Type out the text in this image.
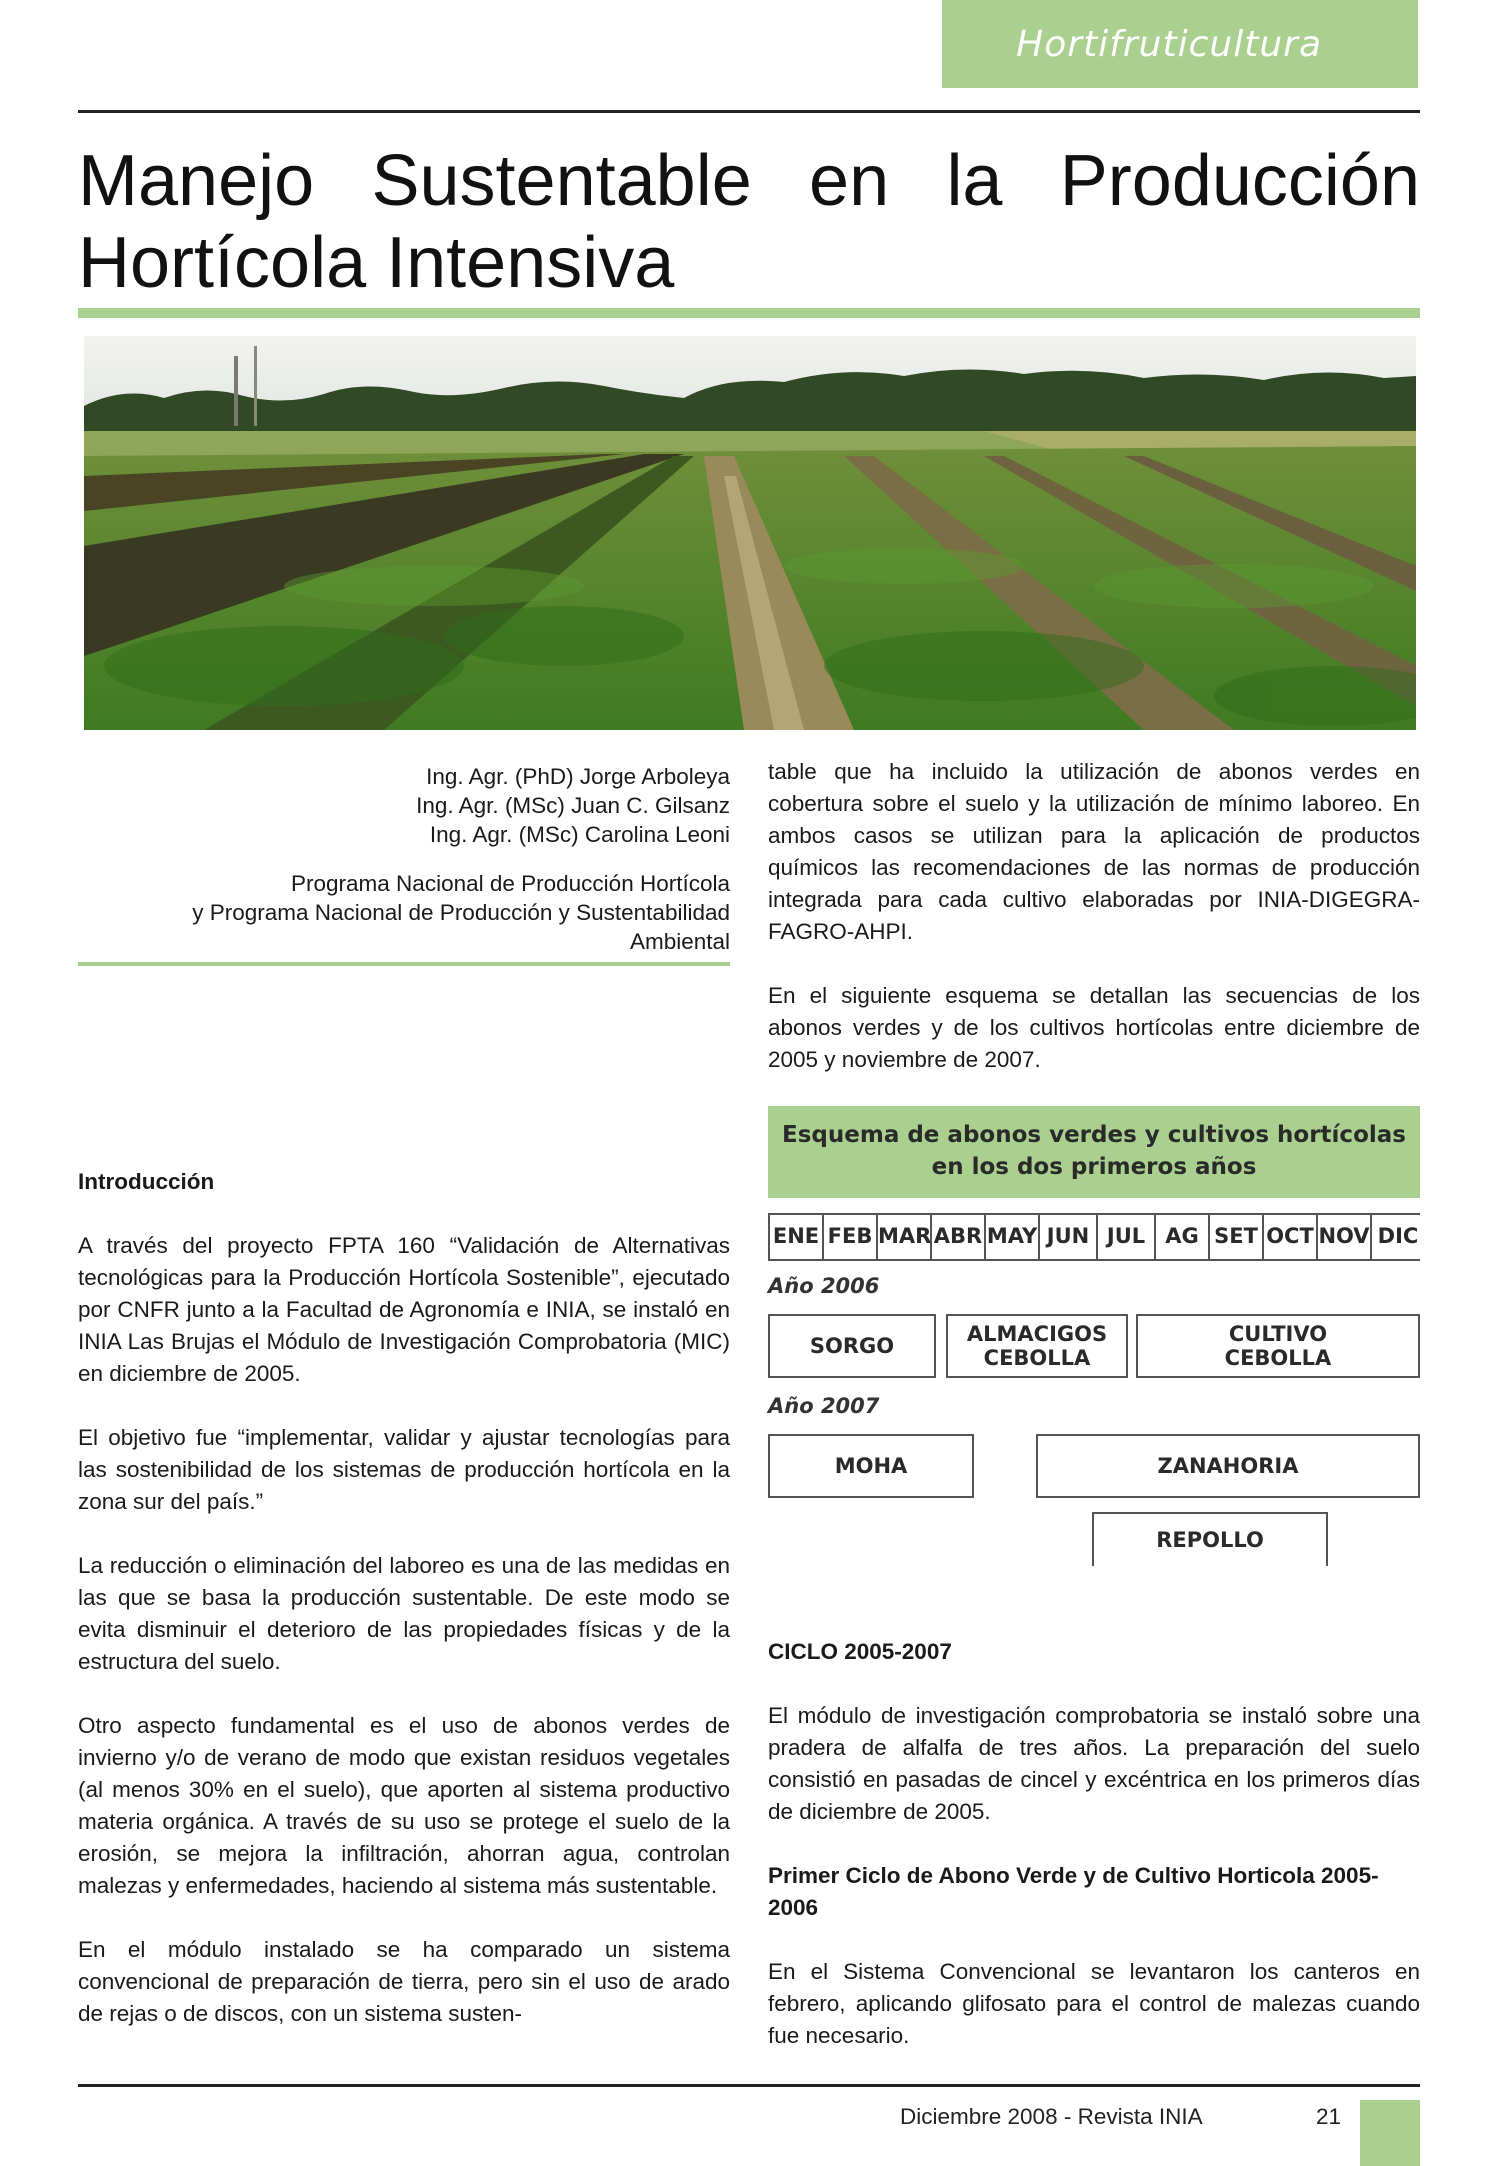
Hortifruticultura
Manejo Sustentable en la Producción
Hortícola Intensiva

Ing. Agr. (PhD) Jorge Arboleya

Ing. Agr. (MSc) Juan C. Gilsanz

Ing. Agr. (MSc) Carolina Leoni

Programa Nacional de Producción Hortícola

y Programa Nacional de Producción y Sustentabilidad

Ambiental

table que ha incluido la utilización de abonos verdes en cobertura sobre el suelo y la utilización de mínimo laboreo. En ambos casos se utilizan para la aplicación de productos químicos las recomendaciones de las normas de producción integrada para cada cultivo elaboradas por INIA-DIGEGRA-FAGRO-AHPI.

En el siguiente esquema se detallan las secuencias de los abonos verdes y de los cultivos hortícolas entre diciembre de 2005 y noviembre de 2007.

Introducción

A través del proyecto FPTA 160 “Validación de Alternativas tecnológicas para la Producción Hortícola Sostenible”, ejecutado por CNFR junto a la Facultad de Agronomía e INIA, se instaló en INIA Las Brujas el Módulo de Investigación Comprobatoria (MIC) en diciembre de 2005.

El objetivo fue “implementar, validar y ajustar tecnologías para las sostenibilidad de los sistemas de producción hortícola en la zona sur del país.”

La reducción o eliminación del laboreo es una de las medidas en las que se basa la producción sustentable. De este modo se evita disminuir el deterioro de las propiedades físicas y de la estructura del suelo.

Otro aspecto fundamental es el uso de abonos verdes de invierno y/o de verano de modo que existan residuos vegetales (al menos 30% en el suelo), que aporten al sistema productivo materia orgánica. A través de su uso se protege el suelo de la erosión, se mejora la infiltración, ahorran agua, controlan malezas y enfermedades, haciendo al sistema más sustentable.

En el módulo instalado se ha comparado un sistema convencional de preparación de tierra, pero sin el uso de arado de rejas o de discos, con un sistema susten-

Esquema de abonos verdes y cultivos hortícolas
en los dos primeros años
ENE FEB MAR ABR MAY JUN JUL AG SET OCT NOV DIC
Año 2006
SORGO	ALMACIGOS
CEBOLLA
CULTIVO
CEBOLLA
Año 2007
MOHA	ZANAHORIA
REPOLLO
CICLO 2005-2007

El módulo de investigación comprobatoria se instaló sobre una pradera de alfalfa de tres años. La preparación del suelo consistió en pasadas de cincel y excéntrica en los primeros días de diciembre de 2005.

Primer Ciclo de Abono Verde y de Cultivo Horticola 2005-2006

En el Sistema Convencional se levantaron los canteros en febrero, aplicando glifosato para el control de malezas cuando fue necesario.

Diciembre 2008 - Revista INIA	21
